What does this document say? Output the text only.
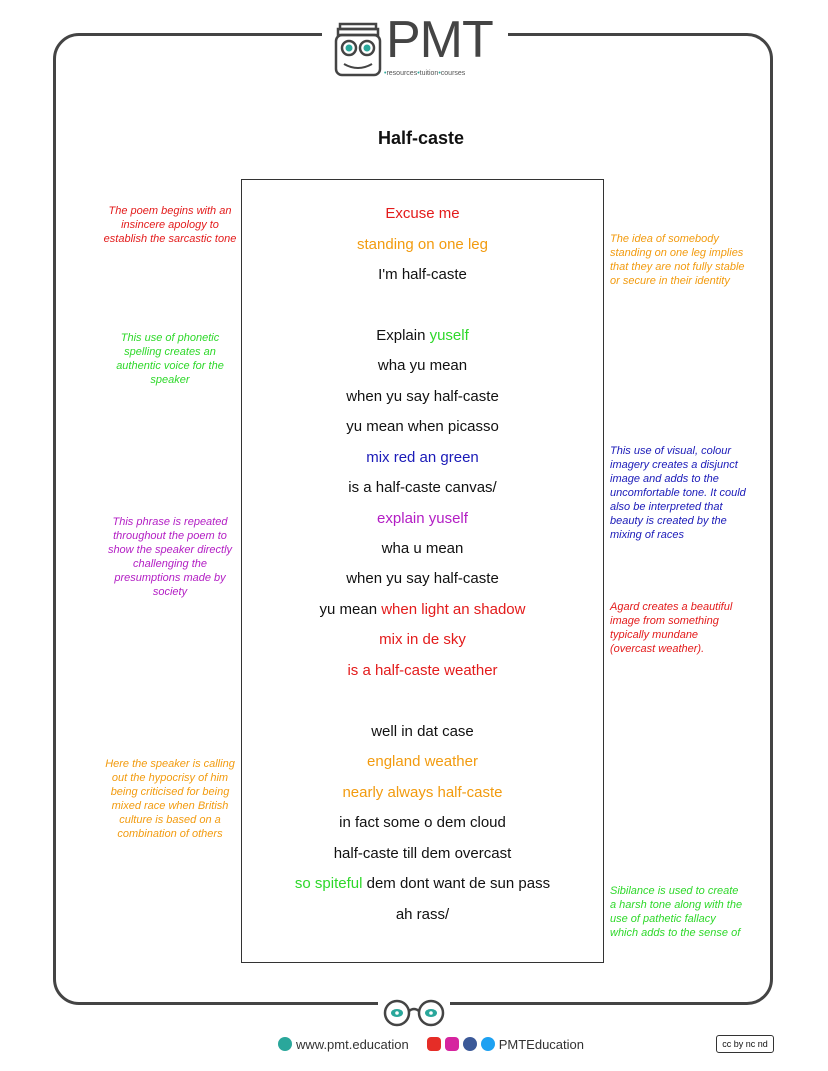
PMT
•resources•tuition•courses
Half-caste
Excuse me
standing on one leg
I'm half-caste
Explain yuself
wha yu mean
when yu say half-caste
yu mean when picasso
mix red an green
is a half-caste canvas/
explain yuself
wha u mean
when yu say half-caste
yu mean when light an shadow
mix in de sky
is a half-caste weather
well in dat case
england weather
nearly always half-caste
in fact some o dem cloud
half-caste till dem overcast
so spiteful dem dont want de sun pass
ah rass/
The poem begins with an insincere apology to establish the sarcastic tone
This use of phonetic spelling creates an authentic voice for the speaker
This phrase is repeated throughout the poem to show the speaker directly challenging the presumptions made by society
Here the speaker is calling out the hypocrisy of him being criticised for being mixed race when British culture is based on a combination of others
The idea of somebody standing on one leg implies that they are not fully stable or secure in their identity
This use of visual, colour imagery creates a disjunct image and adds to the uncomfortable tone. It could also be interpreted that beauty is created by the mixing of races
Agard creates a beautiful image from something typically mundane (overcast weather).
Sibilance is used to create a harsh tone along with the use of pathetic fallacy which adds to the sense of
www.pmt.education	PMTEducation	cc by nc nd
